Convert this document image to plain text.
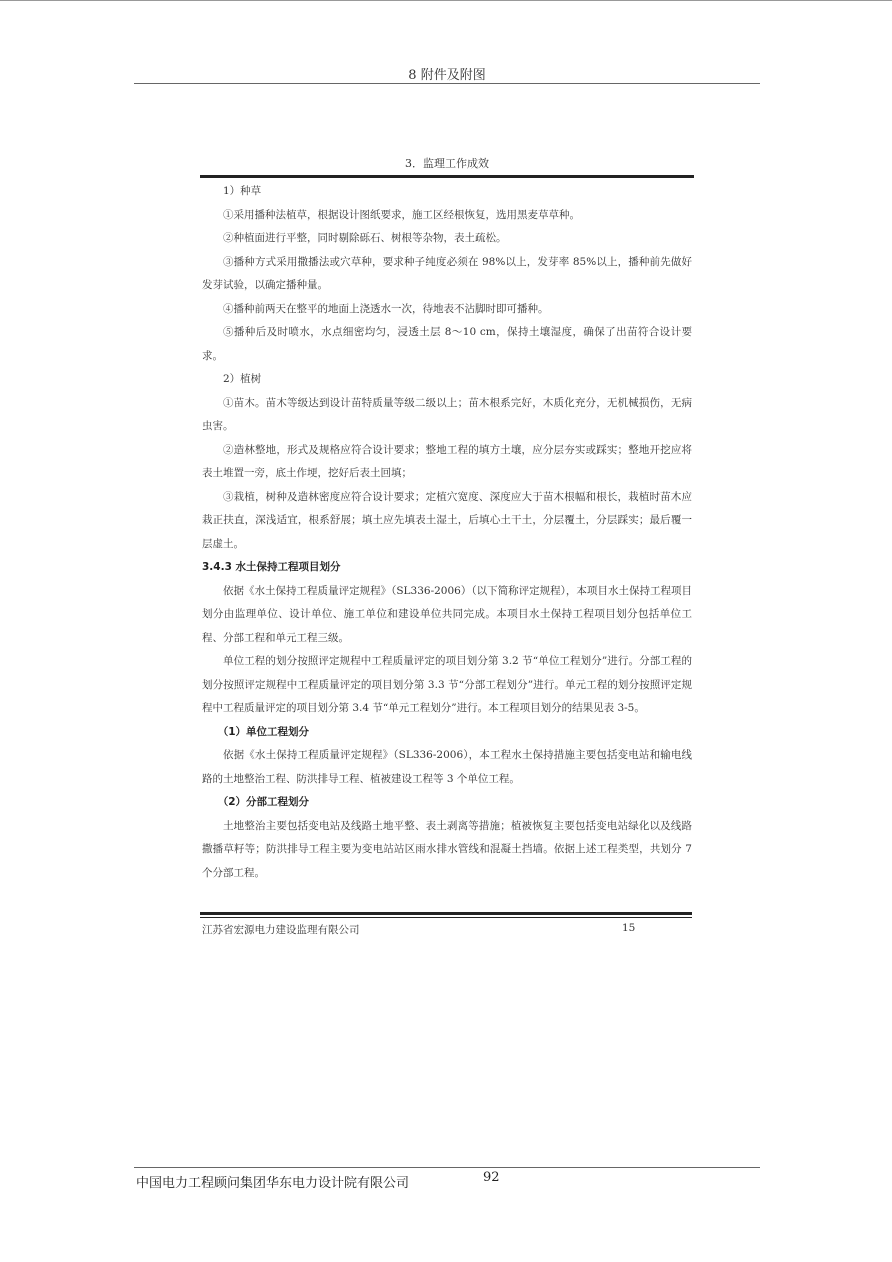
8 附件及附图
3．监理工作成效

1）种草

①采用播种法植草，根据设计图纸要求，施工区经根恢复，选用黑麦草草种。

②种植面进行平整，同时剔除砾石、树根等杂物，表土疏松。

③播种方式采用撒播法或穴草种，要求种子纯度必须在 98%以上，发芽率 85%以上，播种前先做好发芽试验，以确定播种量。

④播种前两天在整平的地面上浇透水一次，待地表不沾脚时即可播种。

⑤播种后及时喷水，水点细密均匀，浸透土层 8～10 cm，保持土壤湿度，确保了出苗符合设计要求。

2）植树

①苗木。苗木等级达到设计苗特质量等级二级以上；苗木根系完好，木质化充分，无机械损伤，无病虫害。

②造林整地，形式及规格应符合设计要求；整地工程的填方土壤，应分层夯实或踩实；整地开挖应将表土堆置一旁，底土作埂，挖好后表土回填；

③栽植，树种及造林密度应符合设计要求；定植穴宽度、深度应大于苗木根幅和根长，栽植时苗木应栽正扶直，深浅适宜，根系舒展；填土应先填表土湿土，后填心土干土，分层覆土，分层踩实；最后覆一层虚土。

3.4.3 水土保持工程项目划分

依据《水土保持工程质量评定规程》（SL336-2006）（以下简称评定规程），本项目水土保持工程项目划分由监理单位、设计单位、施工单位和建设单位共同完成。本项目水土保持工程项目划分包括单位工程、分部工程和单元工程三级。

单位工程的划分按照评定规程中工程质量评定的项目划分第 3.2 节“单位工程划分”进行。分部工程的划分按照评定规程中工程质量评定的项目划分第 3.3 节“分部工程划分”进行。单元工程的划分按照评定规程中工程质量评定的项目划分第 3.4 节“单元工程划分”进行。本工程项目划分的结果见表 3-5。

（1）单位工程划分

依据《水土保持工程质量评定规程》（SL336-2006），本工程水土保持措施主要包括变电站和输电线路的土地整治工程、防洪排导工程、植被建设工程等 3 个单位工程。

（2）分部工程划分

土地整治主要包括变电站及线路土地平整、表土剥离等措施；植被恢复主要包括变电站绿化以及线路撒播草籽等；防洪排导工程主要为变电站站区雨水排水管线和混凝土挡墙。依据上述工程类型，共划分 7 个分部工程。

江苏省宏源电力建设监理有限公司	15
中国电力工程顾问集团华东电力设计院有限公司	92
